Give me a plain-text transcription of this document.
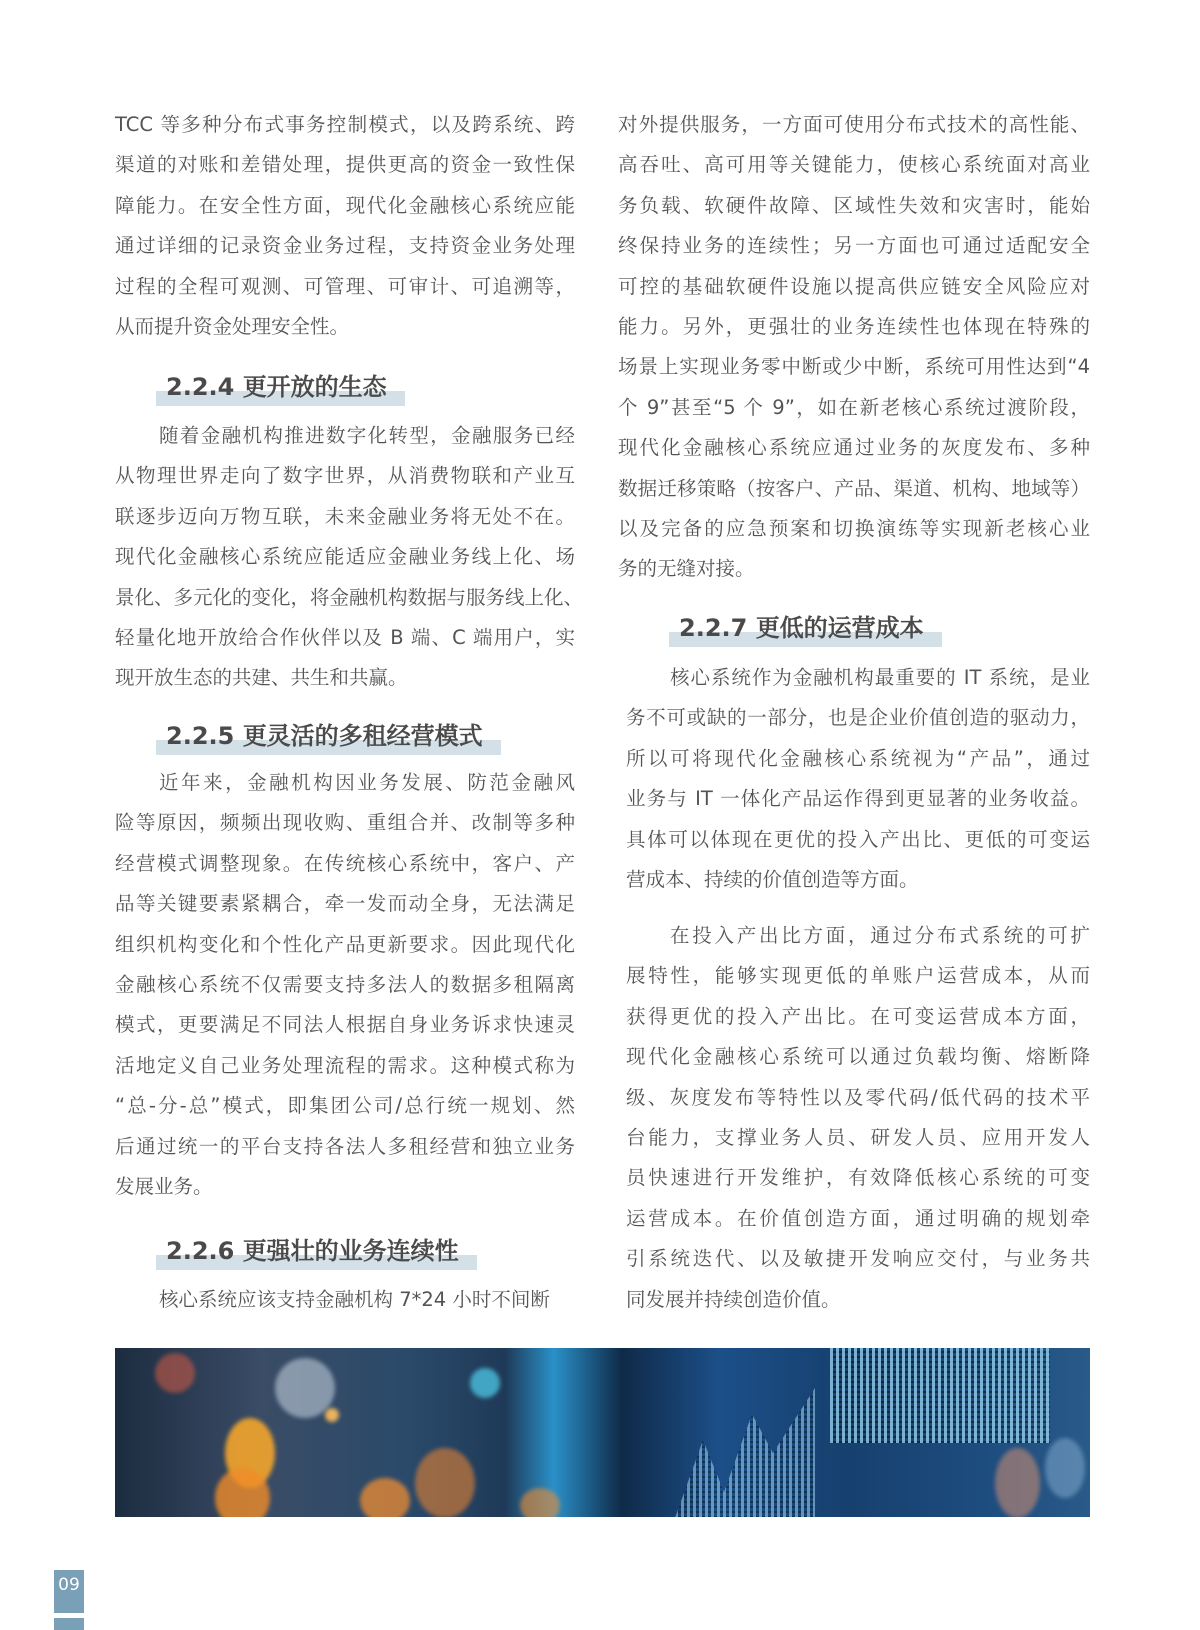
TCC 等多种分布式事务控制模式，以及跨系统、跨
渠道的对账和差错处理，提供更高的资金一致性保
障能力。在安全性方面，现代化金融核心系统应能
通过详细的记录资金业务过程，支持资金业务处理
过程的全程可观测、可管理、可审计、可追溯等，
从而提升资金处理安全性。
2.2.4 更开放的生态
随着金融机构推进数字化转型，金融服务已经
从物理世界走向了数字世界，从消费物联和产业互
联逐步迈向万物互联，未来金融业务将无处不在。
现代化金融核心系统应能适应金融业务线上化、场
景化、多元化的变化，将金融机构数据与服务线上化、
轻量化地开放给合作伙伴以及 B 端、C 端用户，实
现开放生态的共建、共生和共赢。
2.2.5 更灵活的多租经营模式
近年来，金融机构因业务发展、防范金融风
险等原因，频频出现收购、重组合并、改制等多种
经营模式调整现象。在传统核心系统中，客户、产
品等关键要素紧耦合，牵一发而动全身，无法满足
组织机构变化和个性化产品更新要求。因此现代化
金融核心系统不仅需要支持多法人的数据多租隔离
模式，更要满足不同法人根据自身业务诉求快速灵
活地定义自己业务处理流程的需求。这种模式称为
“总-分-总”模式，即集团公司/总行统一规划、然
后通过统一的平台支持各法人多租经营和独立业务
发展业务。
2.2.6 更强壮的业务连续性
核心系统应该支持金融机构 7*24 小时不间断
对外提供服务，一方面可使用分布式技术的高性能、
高吞吐、高可用等关键能力，使核心系统面对高业
务负载、软硬件故障、区域性失效和灾害时，能始
终保持业务的连续性；另一方面也可通过适配安全
可控的基础软硬件设施以提高供应链安全风险应对
能力。另外，更强壮的业务连续性也体现在特殊的
场景上实现业务零中断或少中断，系统可用性达到“4
个 9”甚至“5 个 9”，如在新老核心系统过渡阶段，
现代化金融核心系统应通过业务的灰度发布、多种
数据迁移策略（按客户、产品、渠道、机构、地域等）
以及完备的应急预案和切换演练等实现新老核心业
务的无缝对接。
2.2.7 更低的运营成本
核心系统作为金融机构最重要的 IT 系统，是业
务不可或缺的一部分，也是企业价值创造的驱动力，
所以可将现代化金融核心系统视为“产品”，通过
业务与 IT 一体化产品运作得到更显著的业务收益。
具体可以体现在更优的投入产出比、更低的可变运
营成本、持续的价值创造等方面。
在投入产出比方面，通过分布式系统的可扩
展特性，能够实现更低的单账户运营成本，从而
获得更优的投入产出比。在可变运营成本方面，
现代化金融核心系统可以通过负载均衡、熔断降
级、灰度发布等特性以及零代码/低代码的技术平
台能力，支撑业务人员、研发人员、应用开发人
员快速进行开发维护，有效降低核心系统的可变
运营成本。在价值创造方面，通过明确的规划牵
引系统迭代、以及敏捷开发响应交付，与业务共
同发展并持续创造价值。
09
